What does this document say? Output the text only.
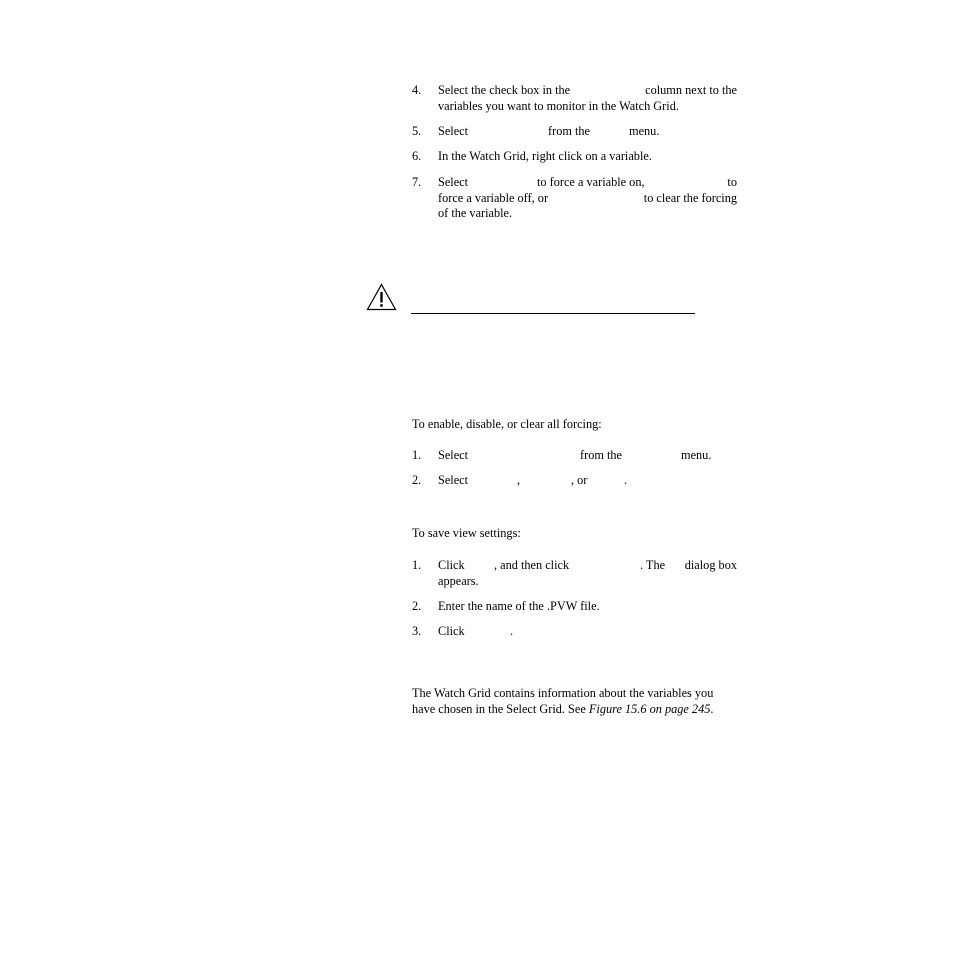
4. Select the check box in the	column next to the
variables you want to monitor in the Watch Grid.
5. Select	from the	menu.
6. In the Watch Grid, right click on a variable.
7. Select	to force a variable on,	to
force a variable off, or	to clear the forcing
of the variable.
To enable, disable, or clear all forcing:
1. Select	from the	menu.
2. Select	,	, or	.
To save view settings:
1. Click , and then click	. The dialog box
appears.
2. Enter the name of the .PVW file.
3. Click	.
The Watch Grid contains information about the variables you
have chosen in the Select Grid. See Figure 15.6 on page 245.
